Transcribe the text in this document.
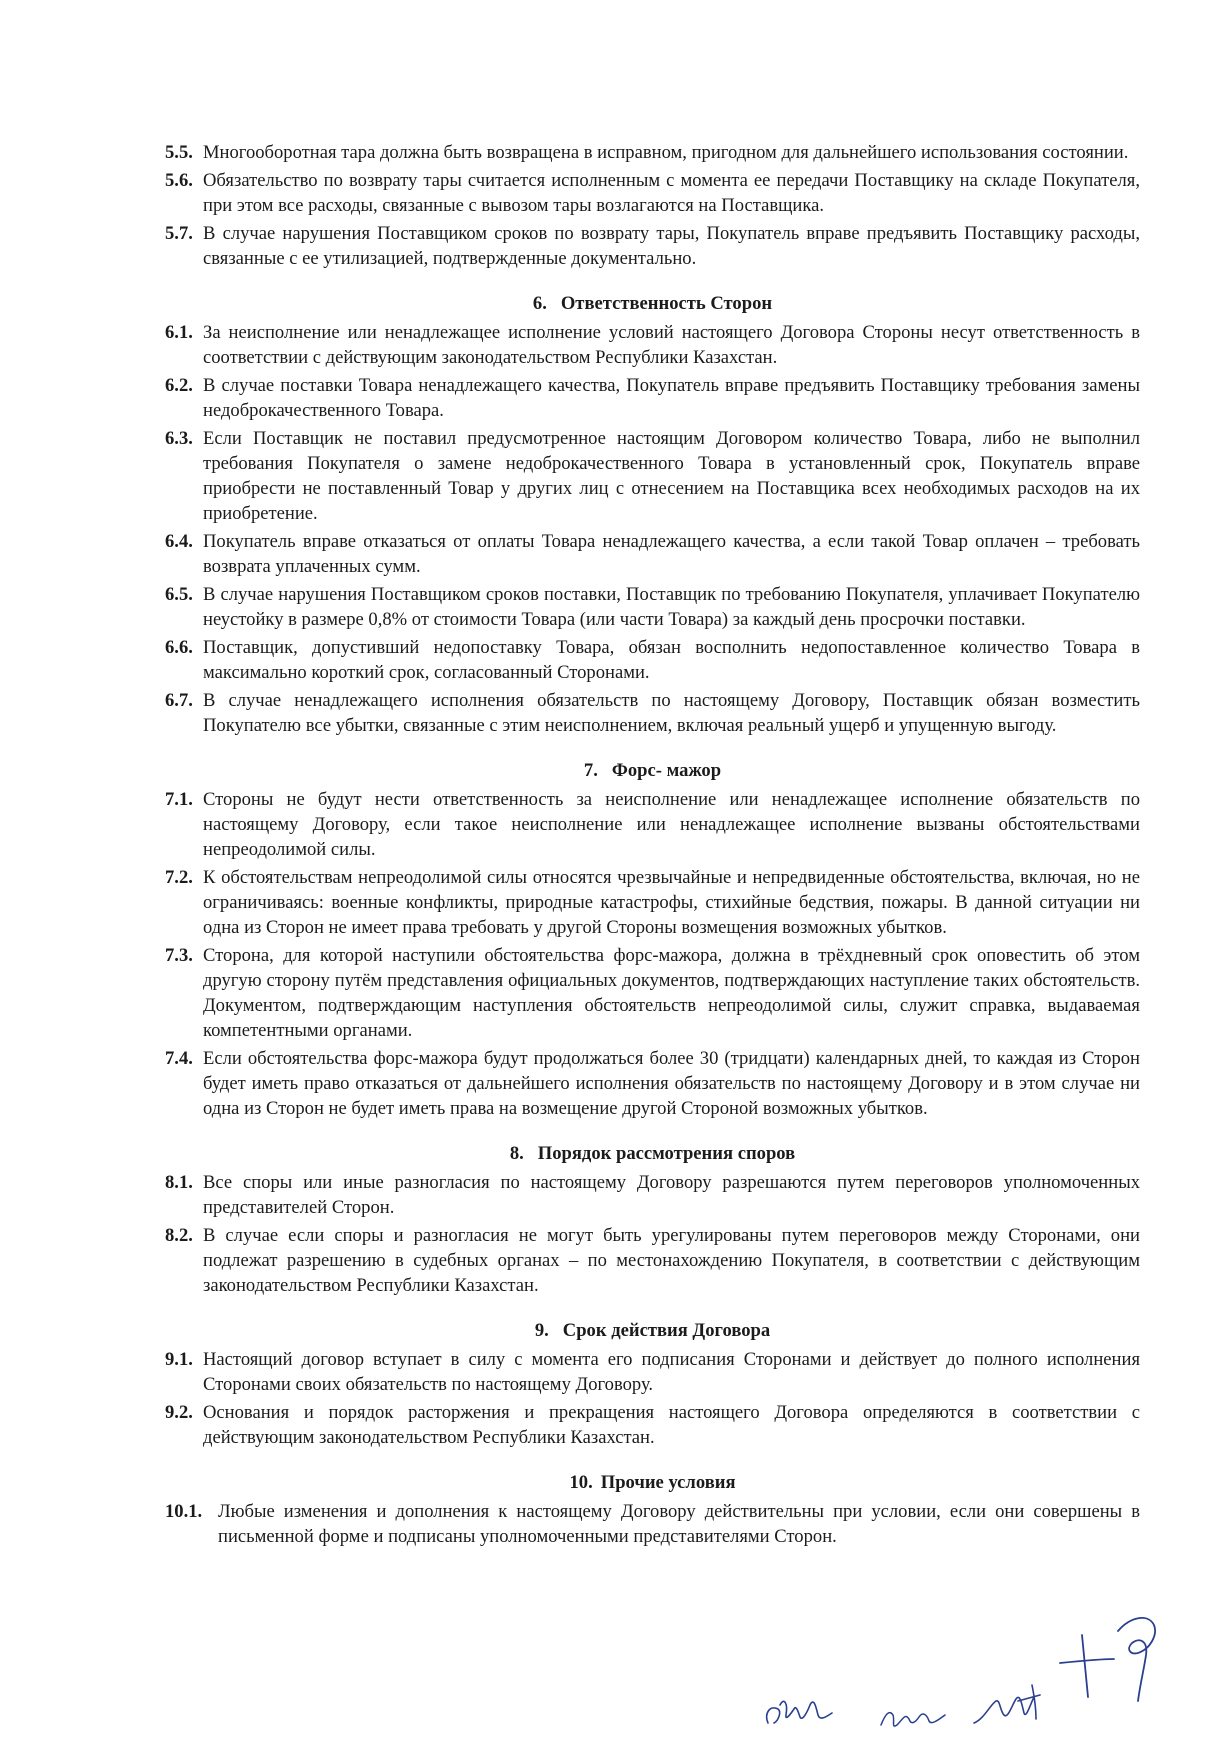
5.5. Многооборотная тара должна быть возвращена в исправном, пригодном для дальнейшего использования состоянии.
5.6. Обязательство по возврату тары считается исполненным с момента ее передачи Поставщику на складе Покупателя, при этом все расходы, связанные с вывозом тары возлагаются на Поставщика.
5.7. В случае нарушения Поставщиком сроков по возврату тары, Покупатель вправе предъявить Поставщику расходы, связанные с ее утилизацией, подтвержденные документально.
6. Ответственность Сторон
6.1. За неисполнение или ненадлежащее исполнение условий настоящего Договора Стороны несут ответственность в соответствии с действующим законодательством Республики Казахстан.
6.2. В случае поставки Товара ненадлежащего качества, Покупатель вправе предъявить Поставщику требования замены недоброкачественного Товара.
6.3. Если Поставщик не поставил предусмотренное настоящим Договором количество Товара, либо не выполнил требования Покупателя о замене недоброкачественного Товара в установленный срок, Покупатель вправе приобрести не поставленный Товар у других лиц с отнесением на Поставщика всех необходимых расходов на их приобретение.
6.4. Покупатель вправе отказаться от оплаты Товара ненадлежащего качества, а если такой Товар оплачен – требовать возврата уплаченных сумм.
6.5. В случае нарушения Поставщиком сроков поставки, Поставщик по требованию Покупателя, уплачивает Покупателю неустойку в размере 0,8% от стоимости Товара (или части Товара) за каждый день просрочки поставки.
6.6. Поставщик, допустивший недопоставку Товара, обязан восполнить недопоставленное количество Товара в максимально короткий срок, согласованный Сторонами.
6.7. В случае ненадлежащего исполнения обязательств по настоящему Договору, Поставщик обязан возместить Покупателю все убытки, связанные с этим неисполнением, включая реальный ущерб и упущенную выгоду.
7. Форс- мажор
7.1. Стороны не будут нести ответственность за неисполнение или ненадлежащее исполнение обязательств по настоящему Договору, если такое неисполнение или ненадлежащее исполнение вызваны обстоятельствами непреодолимой силы.
7.2. К обстоятельствам непреодолимой силы относятся чрезвычайные и непредвиденные обстоятельства, включая, но не ограничиваясь: военные конфликты, природные катастрофы, стихийные бедствия, пожары. В данной ситуации ни одна из Сторон не имеет права требовать у другой Стороны возмещения возможных убытков.
7.3. Сторона, для которой наступили обстоятельства форс-мажора, должна в трёхдневный срок оповестить об этом другую сторону путём представления официальных документов, подтверждающих наступление таких обстоятельств. Документом, подтверждающим наступления обстоятельств непреодолимой силы, служит справка, выдаваемая компетентными органами.
7.4. Если обстоятельства форс-мажора будут продолжаться более 30 (тридцати) календарных дней, то каждая из Сторон будет иметь право отказаться от дальнейшего исполнения обязательств по настоящему Договору и в этом случае ни одна из Сторон не будет иметь права на возмещение другой Стороной возможных убытков.
8. Порядок рассмотрения споров
8.1. Все споры или иные разногласия по настоящему Договору разрешаются путем переговоров уполномоченных представителей Сторон.
8.2. В случае если споры и разногласия не могут быть урегулированы путем переговоров между Сторонами, они подлежат разрешению в судебных органах – по местонахождению Покупателя, в соответствии с действующим законодательством Республики Казахстан.
9. Срок действия Договора
9.1. Настоящий договор вступает в силу с момента его подписания Сторонами и действует до полного исполнения Сторонами своих обязательств по настоящему Договору.
9.2. Основания и порядок расторжения и прекращения настоящего Договора определяются в соответствии с действующим законодательством Республики Казахстан.
10. Прочие условия
10.1. Любые изменения и дополнения к настоящему Договору действительны при условии, если они совершены в письменной форме и подписаны уполномоченными представителями Сторон.
